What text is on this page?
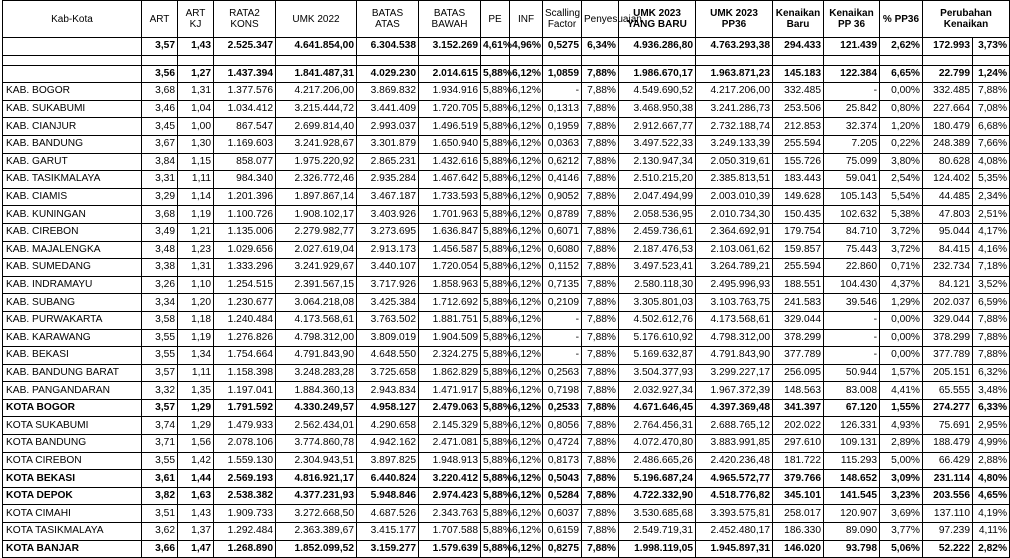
Kab-Kota	ART	ART KJ	RATA2 KONS	UMK 2022	BATAS ATAS	BATAS BAWAH	PE	INF	Scalling Factor	Penyesuaian	UMK 2023 YANG BARU	UMK 2023 PP36	Kenaikan Baru	Kenaikan PP 36	% PP36	Perubahan Kenaikan	
	3,57	1,43	2.525.347	4.641.854,00	6.304.538	3.152.269	4,61%	4,96%	0,5275	6,34%	4.936.286,80	4.763.293,38	294.433	121.439	2,62%	172.993	3,73%

	3,56	1,27	1.437.394	1.841.487,31	4.029.230	2.014.615	5,88%	6,12%	1,0859	7,88%	1.986.670,17	1.963.871,23	145.183	122.384	6,65%	22.799	1,24%
KAB. BOGOR	3,68	1,31	1.377.576	4.217.206,00	3.869.832	1.934.916	5,88%	6,12%	-	7,88%	4.549.690,52	4.217.206,00	332.485	-	0,00%	332.485	7,88%
KAB. SUKABUMI	3,46	1,04	1.034.412	3.215.444,72	3.441.409	1.720.705	5,88%	6,12%	0,1313	7,88%	3.468.950,38	3.241.286,73	253.506	25.842	0,80%	227.664	7,08%
KAB. CIANJUR	3,45	1,00	867.547	2.699.814,40	2.993.037	1.496.519	5,88%	6,12%	0,1959	7,88%	2.912.667,77	2.732.188,74	212.853	32.374	1,20%	180.479	6,68%
KAB. BANDUNG	3,67	1,30	1.169.603	3.241.928,67	3.301.879	1.650.940	5,88%	6,12%	0,0363	7,88%	3.497.522,33	3.249.133,39	255.594	7.205	0,22%	248.389	7,66%
KAB. GARUT	3,84	1,15	858.077	1.975.220,92	2.865.231	1.432.616	5,88%	6,12%	0,6212	7,88%	2.130.947,34	2.050.319,61	155.726	75.099	3,80%	80.628	4,08%
KAB. TASIKMALAYA	3,31	1,11	984.340	2.326.772,46	2.935.284	1.467.642	5,88%	6,12%	0,4146	7,88%	2.510.215,20	2.385.813,51	183.443	59.041	2,54%	124.402	5,35%
KAB. CIAMIS	3,29	1,14	1.201.396	1.897.867,14	3.467.187	1.733.593	5,88%	6,12%	0,9052	7,88%	2.047.494,99	2.003.010,39	149.628	105.143	5,54%	44.485	2,34%
KAB. KUNINGAN	3,68	1,19	1.100.726	1.908.102,17	3.403.926	1.701.963	5,88%	6,12%	0,8789	7,88%	2.058.536,95	2.010.734,30	150.435	102.632	5,38%	47.803	2,51%
KAB. CIREBON	3,49	1,21	1.135.006	2.279.982,77	3.273.695	1.636.847	5,88%	6,12%	0,6071	7,88%	2.459.736,61	2.364.692,91	179.754	84.710	3,72%	95.044	4,17%
KAB. MAJALENGKA	3,48	1,23	1.029.656	2.027.619,04	2.913.173	1.456.587	5,88%	6,12%	0,6080	7,88%	2.187.476,53	2.103.061,62	159.857	75.443	3,72%	84.415	4,16%
KAB. SUMEDANG	3,38	1,31	1.333.296	3.241.929,67	3.440.107	1.720.054	5,88%	6,12%	0,1152	7,88%	3.497.523,41	3.264.789,21	255.594	22.860	0,71%	232.734	7,18%
KAB. INDRAMAYU	3,26	1,10	1.254.515	2.391.567,15	3.717.926	1.858.963	5,88%	6,12%	0,7135	7,88%	2.580.118,30	2.495.996,93	188.551	104.430	4,37%	84.121	3,52%
KAB. SUBANG	3,34	1,20	1.230.677	3.064.218,08	3.425.384	1.712.692	5,88%	6,12%	0,2109	7,88%	3.305.801,03	3.103.763,75	241.583	39.546	1,29%	202.037	6,59%
KAB. PURWAKARTA	3,58	1,18	1.240.484	4.173.568,61	3.763.502	1.881.751	5,88%	6,12%	-	7,88%	4.502.612,76	4.173.568,61	329.044	-	0,00%	329.044	7,88%
KAB. KARAWANG	3,55	1,19	1.276.826	4.798.312,00	3.809.019	1.904.509	5,88%	6,12%	-	7,88%	5.176.610,92	4.798.312,00	378.299	-	0,00%	378.299	7,88%
KAB. BEKASI	3,55	1,34	1.754.664	4.791.843,90	4.648.550	2.324.275	5,88%	6,12%	-	7,88%	5.169.632,87	4.791.843,90	377.789	-	0,00%	377.789	7,88%
KAB. BANDUNG BARAT	3,57	1,11	1.158.398	3.248.283,28	3.725.658	1.862.829	5,88%	6,12%	0,2563	7,88%	3.504.377,93	3.299.227,17	256.095	50.944	1,57%	205.151	6,32%
KAB. PANGANDARAN	3,32	1,35	1.197.041	1.884.360,13	2.943.834	1.471.917	5,88%	6,12%	0,7198	7,88%	2.032.927,34	1.967.372,39	148.563	83.008	4,41%	65.555	3,48%
KOTA BOGOR	3,57	1,29	1.791.592	4.330.249,57	4.958.127	2.479.063	5,88%	6,12%	0,2533	7,88%	4.671.646,45	4.397.369,48	341.397	67.120	1,55%	274.277	6,33%
KOTA SUKABUMI	3,74	1,29	1.479.933	2.562.434,01	4.290.658	2.145.329	5,88%	6,12%	0,8056	7,88%	2.764.456,31	2.688.765,12	202.022	126.331	4,93%	75.691	2,95%
KOTA BANDUNG	3,71	1,56	2.078.106	3.774.860,78	4.942.162	2.471.081	5,88%	6,12%	0,4724	7,88%	4.072.470,80	3.883.991,85	297.610	109.131	2,89%	188.479	4,99%
KOTA CIREBON	3,55	1,42	1.559.130	2.304.943,51	3.897.825	1.948.913	5,88%	6,12%	0,8173	7,88%	2.486.665,26	2.420.236,48	181.722	115.293	5,00%	66.429	2,88%
KOTA BEKASI	3,61	1,44	2.569.193	4.816.921,17	6.440.824	3.220.412	5,88%	6,12%	0,5043	7,88%	5.196.687,24	4.965.572,77	379.766	148.652	3,09%	231.114	4,80%
KOTA DEPOK	3,82	1,63	2.538.382	4.377.231,93	5.948.846	2.974.423	5,88%	6,12%	0,5284	7,88%	4.722.332,90	4.518.776,82	345.101	141.545	3,23%	203.556	4,65%
KOTA CIMAHI	3,51	1,43	1.909.733	3.272.668,50	4.687.526	2.343.763	5,88%	6,12%	0,6037	7,88%	3.530.685,68	3.393.575,81	258.017	120.907	3,69%	137.110	4,19%
KOTA TASIKMALAYA	3,62	1,37	1.292.484	2.363.389,67	3.415.177	1.707.588	5,88%	6,12%	0,6159	7,88%	2.549.719,31	2.452.480,17	186.330	89.090	3,77%	97.239	4,11%
KOTA BANJAR	3,66	1,47	1.268.890	1.852.099,52	3.159.277	1.579.639	5,88%	6,12%	0,8275	7,88%	1.998.119,05	1.945.897,31	146.020	93.798	5,06%	52.222	2,82%
